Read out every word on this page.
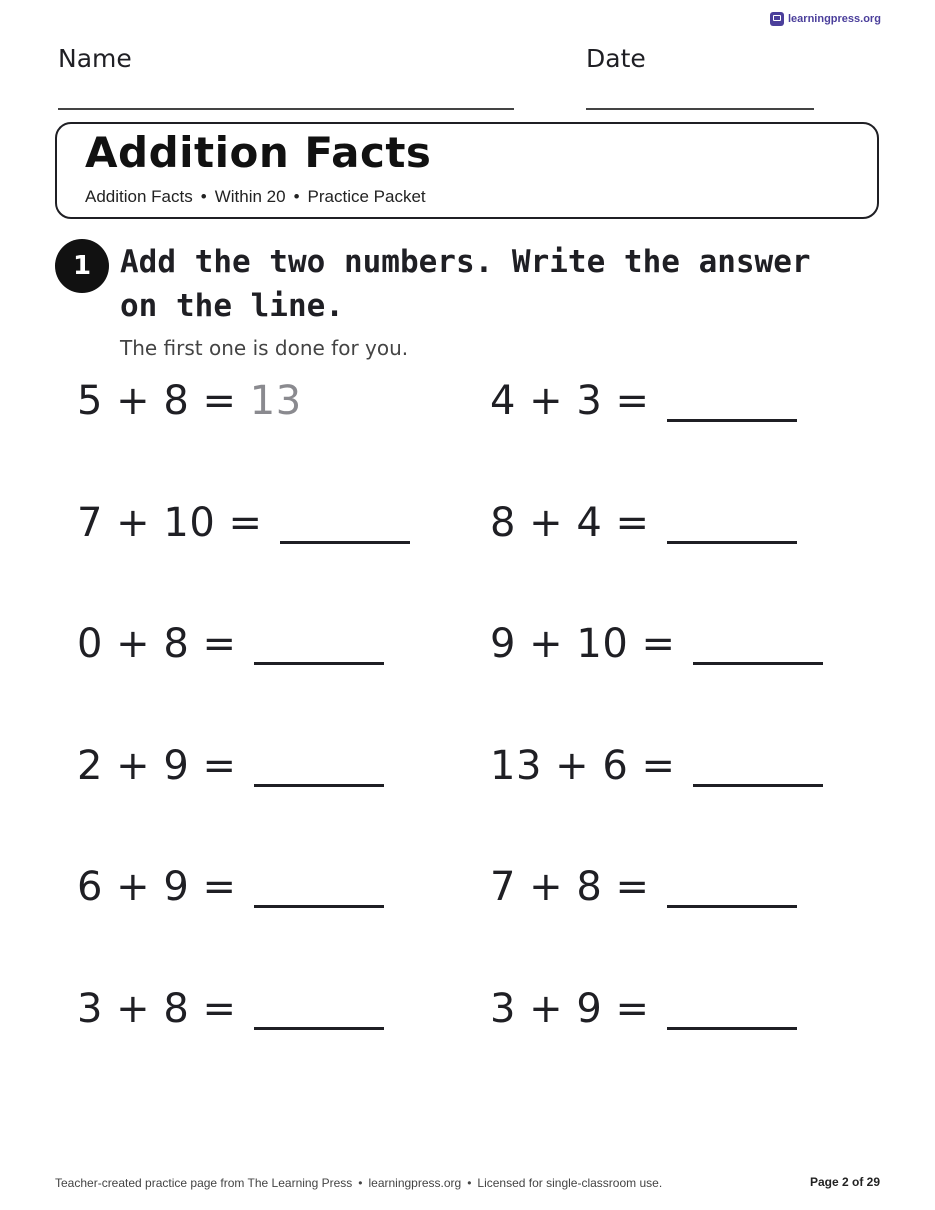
learningpress.org
Name	Date
Addition Facts
Addition Facts • Within 20 • Practice Packet
1 Add the two numbers. Write the answer on the line.
The first one is done for you.
5 + 8 = 13	4 + 3 =
7 + 10 =	8 + 4 =
0 + 8 =	9 + 10 =
2 + 9 =	13 + 6 =
6 + 9 =	7 + 8 =
3 + 8 =	3 + 9 =
Teacher-created practice page from The Learning Press • learningpress.org • Licensed for single-classroom use.	Page 2 of 29
